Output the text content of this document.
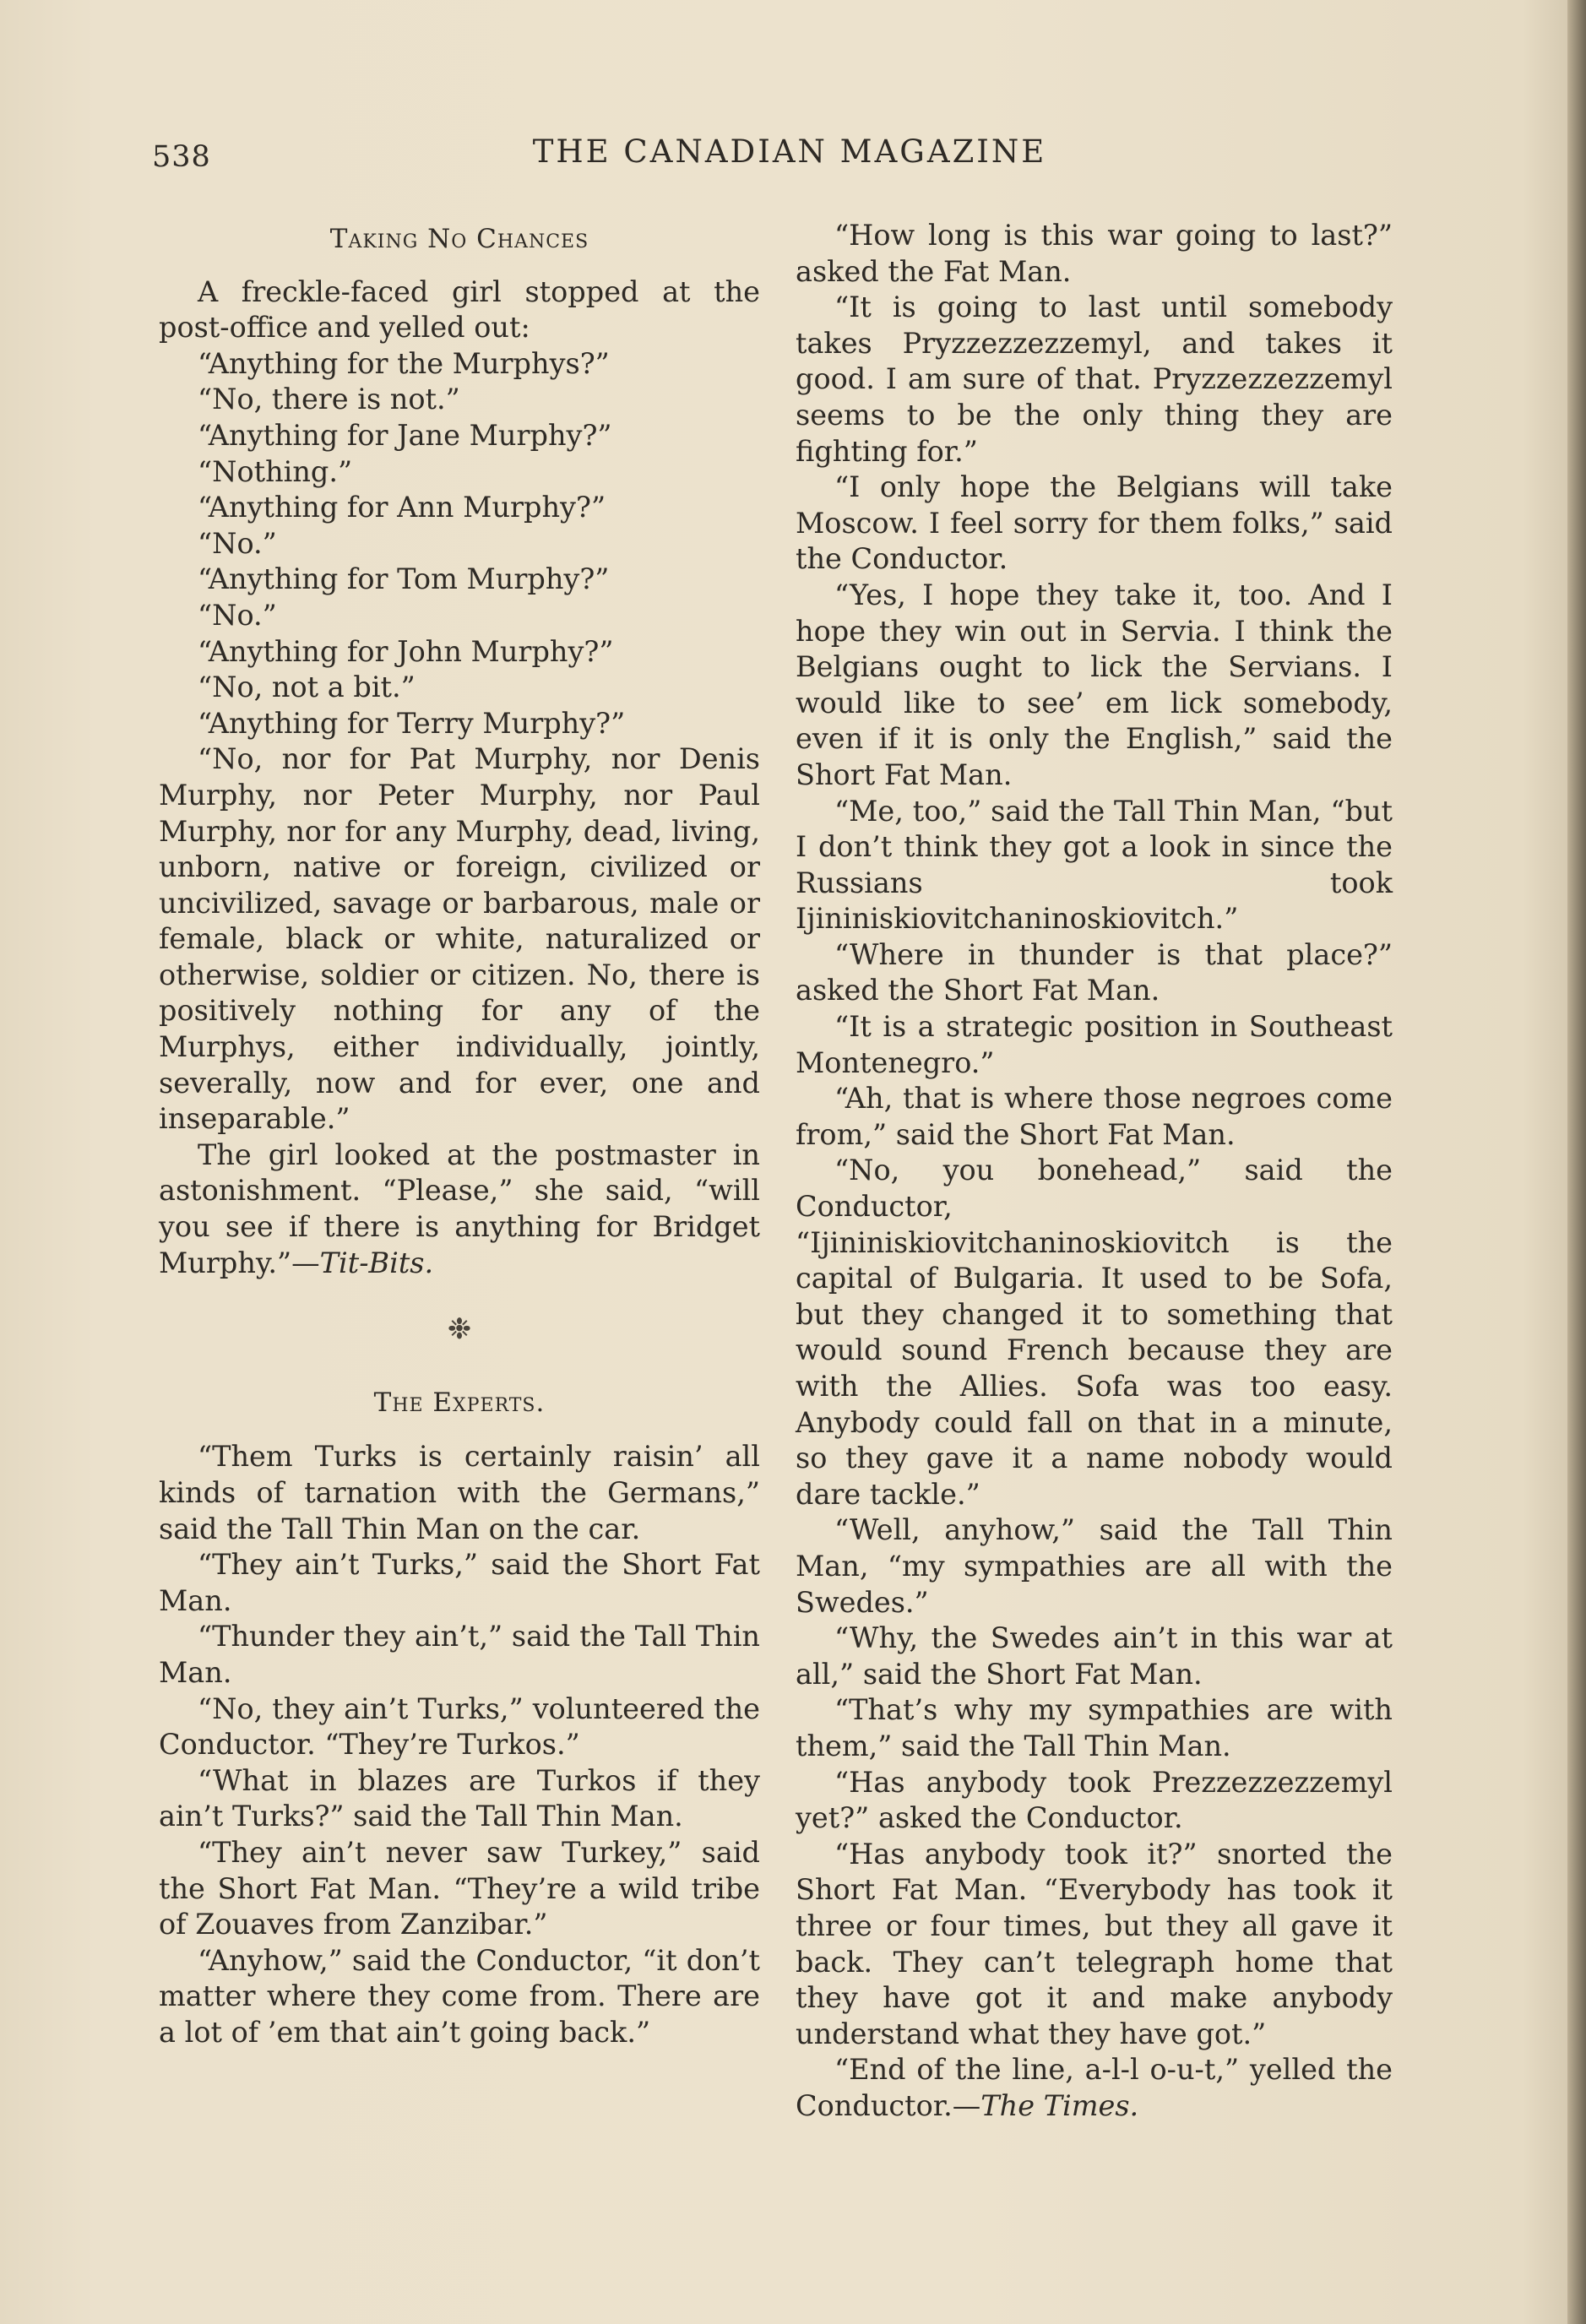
538	THE CANADIAN MAGAZINE
Taking No Chances

A freckle-faced girl stopped at the post-office and yelled out:

“Anything for the Murphys?”

“No, there is not.”

“Anything for Jane Murphy?”

“Nothing.”

“Anything for Ann Murphy?”

“No.”

“Anything for Tom Murphy?”

“No.”

“Anything for John Murphy?”

“No, not a bit.”

“Anything for Terry Murphy?”

“No, nor for Pat Murphy, nor Denis Murphy, nor Peter Murphy, nor Paul Murphy, nor for any Murphy, dead, living, unborn, native or foreign, civilized or uncivilized, savage or barbarous, male or female, black or white, naturalized or otherwise, soldier or citizen. No, there is positively nothing for any of the Murphys, either individually, jointly, severally, now and for ever, one and inseparable.”

The girl looked at the postmaster in astonishment. “Please,” she said, “will you see if there is anything for Bridget Murphy.”—Tit-Bits.

❉
The Experts.

“Them Turks is certainly raisin’ all kinds of tarnation with the Germans,” said the Tall Thin Man on the car.

“They ain’t Turks,” said the Short Fat Man.

“Thunder they ain’t,” said the Tall Thin Man.

“No, they ain’t Turks,” volunteered the Conductor. “They’re Turkos.”

“What in blazes are Turkos if they ain’t Turks?” said the Tall Thin Man.

“They ain’t never saw Turkey,” said the Short Fat Man. “They’re a wild tribe of Zouaves from Zanzibar.”

“Anyhow,” said the Conductor, “it don’t matter where they come from. There are a lot of ’em that ain’t going back.”

“How long is this war going to last?” asked the Fat Man.

“It is going to last until somebody takes Pryzzezzezzemyl, and takes it good. I am sure of that. Pryzzezzezzemyl seems to be the only thing they are fighting for.”

“I only hope the Belgians will take Moscow. I feel sorry for them folks,” said the Conductor.

“Yes, I hope they take it, too. And I hope they win out in Servia. I think the Belgians ought to lick the Servians. I would like to see’ em lick somebody, even if it is only the English,” said the Short Fat Man.

“Me, too,” said the Tall Thin Man, “but I don’t think they got a look in since the Russians took Ijininiskiovitchaninoskiovitch.”

“Where in thunder is that place?” asked the Short Fat Man.

“It is a strategic position in Southeast Montenegro.”

“Ah, that is where those negroes come from,” said the Short Fat Man.

“No, you bonehead,” said the Conductor, “Ijininiskiovitchaninoskiovitch is the capital of Bulgaria. It used to be Sofa, but they changed it to something that would sound French because they are with the Allies. Sofa was too easy. Anybody could fall on that in a minute, so they gave it a name nobody would dare tackle.”

“Well, anyhow,” said the Tall Thin Man, “my sympathies are all with the Swedes.”

“Why, the Swedes ain’t in this war at all,” said the Short Fat Man.

“That’s why my sympathies are with them,” said the Tall Thin Man.

“Has anybody took Prezzezzezzemyl yet?” asked the Conductor.

“Has anybody took it?” snorted the Short Fat Man. “Everybody has took it three or four times, but they all gave it back. They can’t telegraph home that they have got it and make anybody understand what they have got.”

“End of the line, a-l-l o-u-t,” yelled the Conductor.—The Times.
